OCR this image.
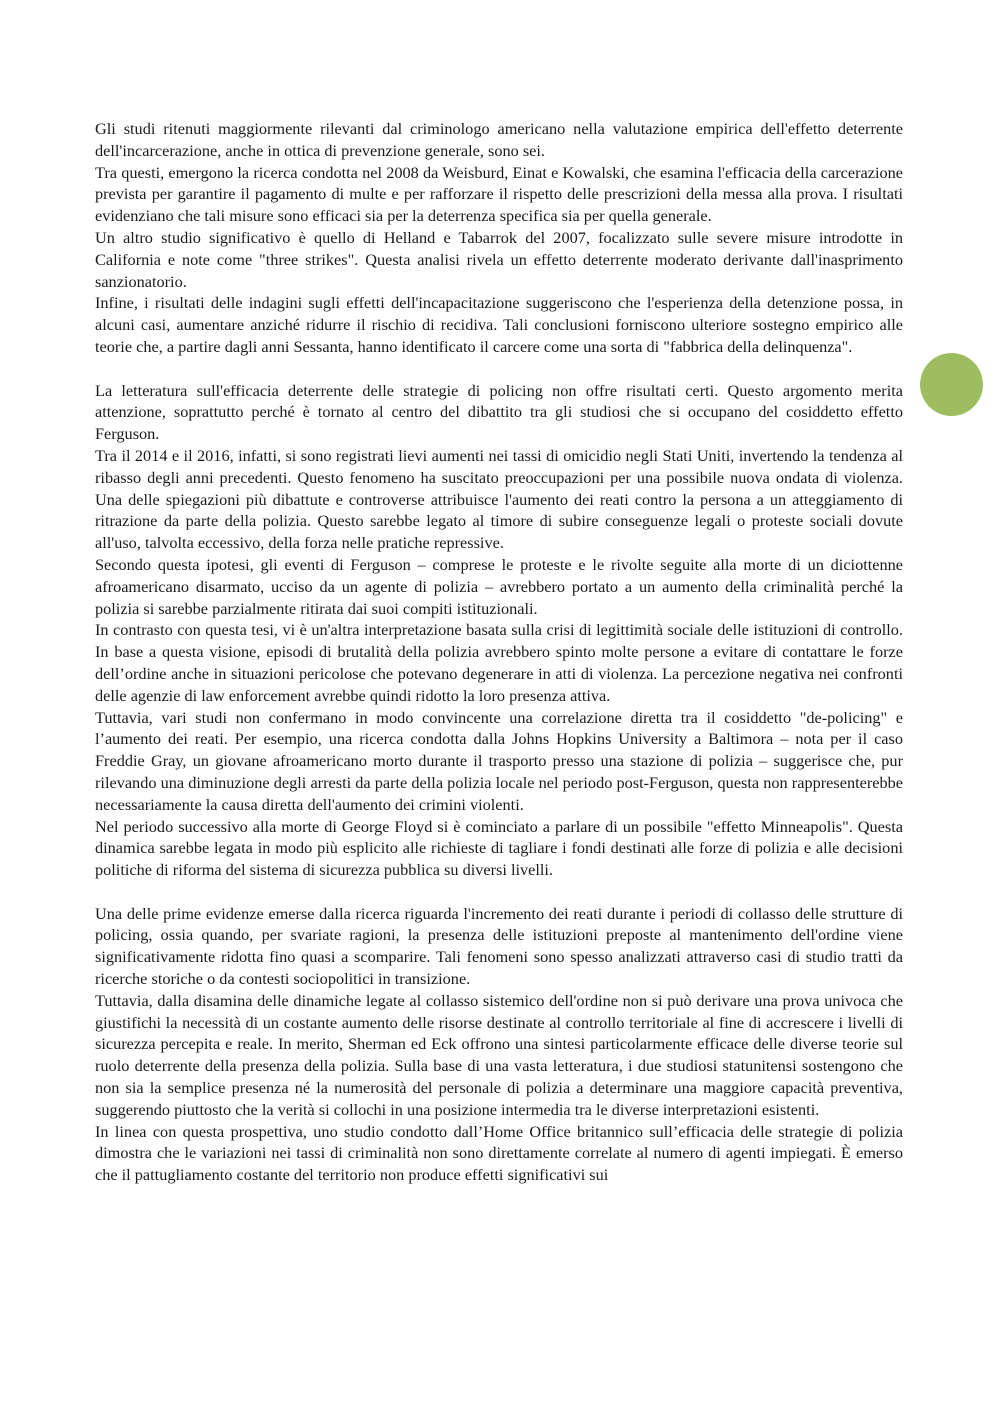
Gli studi ritenuti maggiormente rilevanti dal criminologo americano nella valutazione empirica dell'effetto deterrente dell'incarcerazione, anche in ottica di prevenzione generale, sono sei.

Tra questi, emergono la ricerca condotta nel 2008 da Weisburd, Einat e Kowalski, che esamina l'efficacia della carcerazione prevista per garantire il pagamento di multe e per rafforzare il rispetto delle prescrizioni della messa alla prova. I risultati evidenziano che tali misure sono efficaci sia per la deterrenza specifica sia per quella generale.

Un altro studio significativo è quello di Helland e Tabarrok del 2007, focalizzato sulle severe misure introdotte in California e note come "three strikes". Questa analisi rivela un effetto deterrente moderato derivante dall'inasprimento sanzionatorio.

Infine, i risultati delle indagini sugli effetti dell'incapacitazione suggeriscono che l'esperienza della detenzione possa, in alcuni casi, aumentare anziché ridurre il rischio di recidiva. Tali conclusioni forniscono ulteriore sostegno empirico alle teorie che, a partire dagli anni Sessanta, hanno identificato il carcere come una sorta di "fabbrica della delinquenza".

La letteratura sull'efficacia deterrente delle strategie di policing non offre risultati certi. Questo argomento merita attenzione, soprattutto perché è tornato al centro del dibattito tra gli studiosi che si occupano del cosiddetto effetto Ferguson.

Tra il 2014 e il 2016, infatti, si sono registrati lievi aumenti nei tassi di omicidio negli Stati Uniti, invertendo la tendenza al ribasso degli anni precedenti. Questo fenomeno ha suscitato preoccupazioni per una possibile nuova ondata di violenza. Una delle spiegazioni più dibattute e controverse attribuisce l'aumento dei reati contro la persona a un atteggiamento di ritrazione da parte della polizia. Questo sarebbe legato al timore di subire conseguenze legali o proteste sociali dovute all'uso, talvolta eccessivo, della forza nelle pratiche repressive.

Secondo questa ipotesi, gli eventi di Ferguson – comprese le proteste e le rivolte seguite alla morte di un diciottenne afroamericano disarmato, ucciso da un agente di polizia – avrebbero portato a un aumento della criminalità perché la polizia si sarebbe parzialmente ritirata dai suoi compiti istituzionali.

In contrasto con questa tesi, vi è un'altra interpretazione basata sulla crisi di legittimità sociale delle istituzioni di controllo. In base a questa visione, episodi di brutalità della polizia avrebbero spinto molte persone a evitare di contattare le forze dell’ordine anche in situazioni pericolose che potevano degenerare in atti di violenza. La percezione negativa nei confronti delle agenzie di law enforcement avrebbe quindi ridotto la loro presenza attiva.

Tuttavia, vari studi non confermano in modo convincente una correlazione diretta tra il cosiddetto "de-policing" e l’aumento dei reati. Per esempio, una ricerca condotta dalla Johns Hopkins University a Baltimora – nota per il caso Freddie Gray, un giovane afroamericano morto durante il trasporto presso una stazione di polizia – suggerisce che, pur rilevando una diminuzione degli arresti da parte della polizia locale nel periodo post-Ferguson, questa non rappresenterebbe necessariamente la causa diretta dell'aumento dei crimini violenti.

Nel periodo successivo alla morte di George Floyd si è cominciato a parlare di un possibile "effetto Minneapolis". Questa dinamica sarebbe legata in modo più esplicito alle richieste di tagliare i fondi destinati alle forze di polizia e alle decisioni politiche di riforma del sistema di sicurezza pubblica su diversi livelli.

Una delle prime evidenze emerse dalla ricerca riguarda l'incremento dei reati durante i periodi di collasso delle strutture di policing, ossia quando, per svariate ragioni, la presenza delle istituzioni preposte al mantenimento dell'ordine viene significativamente ridotta fino quasi a scomparire. Tali fenomeni sono spesso analizzati attraverso casi di studio tratti da ricerche storiche o da contesti sociopolitici in transizione.

Tuttavia, dalla disamina delle dinamiche legate al collasso sistemico dell'ordine non si può derivare una prova univoca che giustifichi la necessità di un costante aumento delle risorse destinate al controllo territoriale al fine di accrescere i livelli di sicurezza percepita e reale. In merito, Sherman ed Eck offrono una sintesi particolarmente efficace delle diverse teorie sul ruolo deterrente della presenza della polizia. Sulla base di una vasta letteratura, i due studiosi statunitensi sostengono che non sia la semplice presenza né la numerosità del personale di polizia a determinare una maggiore capacità preventiva, suggerendo piuttosto che la verità si collochi in una posizione intermedia tra le diverse interpretazioni esistenti.

In linea con questa prospettiva, uno studio condotto dall’Home Office britannico sull’efficacia delle strategie di polizia dimostra che le variazioni nei tassi di criminalità non sono direttamente correlate al numero di agenti impiegati. È emerso che il pattugliamento costante del territorio non produce effetti significativi sui
